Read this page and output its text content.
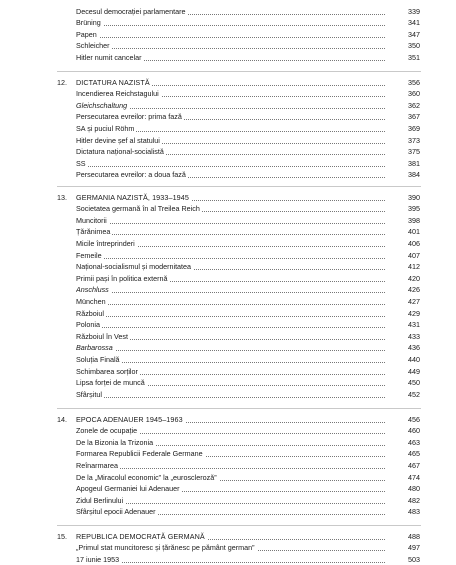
Decesul democrației parlamentare	339
Brüning	341
Papen	347
Schleicher	350
Hitler numit cancelar	351
12. DICTATURA NAZISTĂ	356
Incendierea Reichstagului	360
Gleichschaltung	362
Persecutarea evreilor: prima fază	367
SA și puciul Röhm	369
Hitler devine șef al statului	373
Dictatura național-socialistă	375
SS	381
Persecutarea evreilor: a doua fază	384
13. GERMANIA NAZISTĂ, 1933–1945	390
Societatea germană în al Treilea Reich	395
Muncitorii	398
Țărănimea	401
Micile întreprinderi	406
Femeile	407
Național-socialismul și modernitatea	412
Primii pași în politica externă	420
Anschluss	426
München	427
Războiul	429
Polonia	431
Războiul în Vest	433
Barbarossa	436
Soluția Finală	440
Schimbarea sorților	449
Lipsa forței de muncă	450
Sfârșitul	452
14. EPOCA ADENAUER 1945–1963	456
Zonele de ocupație	460
De la Bizonia la Trizonia	463
Formarea Republicii Federale Germane	465
Reînarmarea	467
De la „Miracolul economic” la „euroscleroză”	474
Apogeul Germaniei lui Adenauer	480
Zidul Berlinului	482
Sfârșitul epocii Adenauer	483
15. REPUBLICA DEMOCRATĂ GERMANĂ	488
„Primul stat muncitoresc și țărănesc pe pământ german”	497
17 iunie 1953	503
